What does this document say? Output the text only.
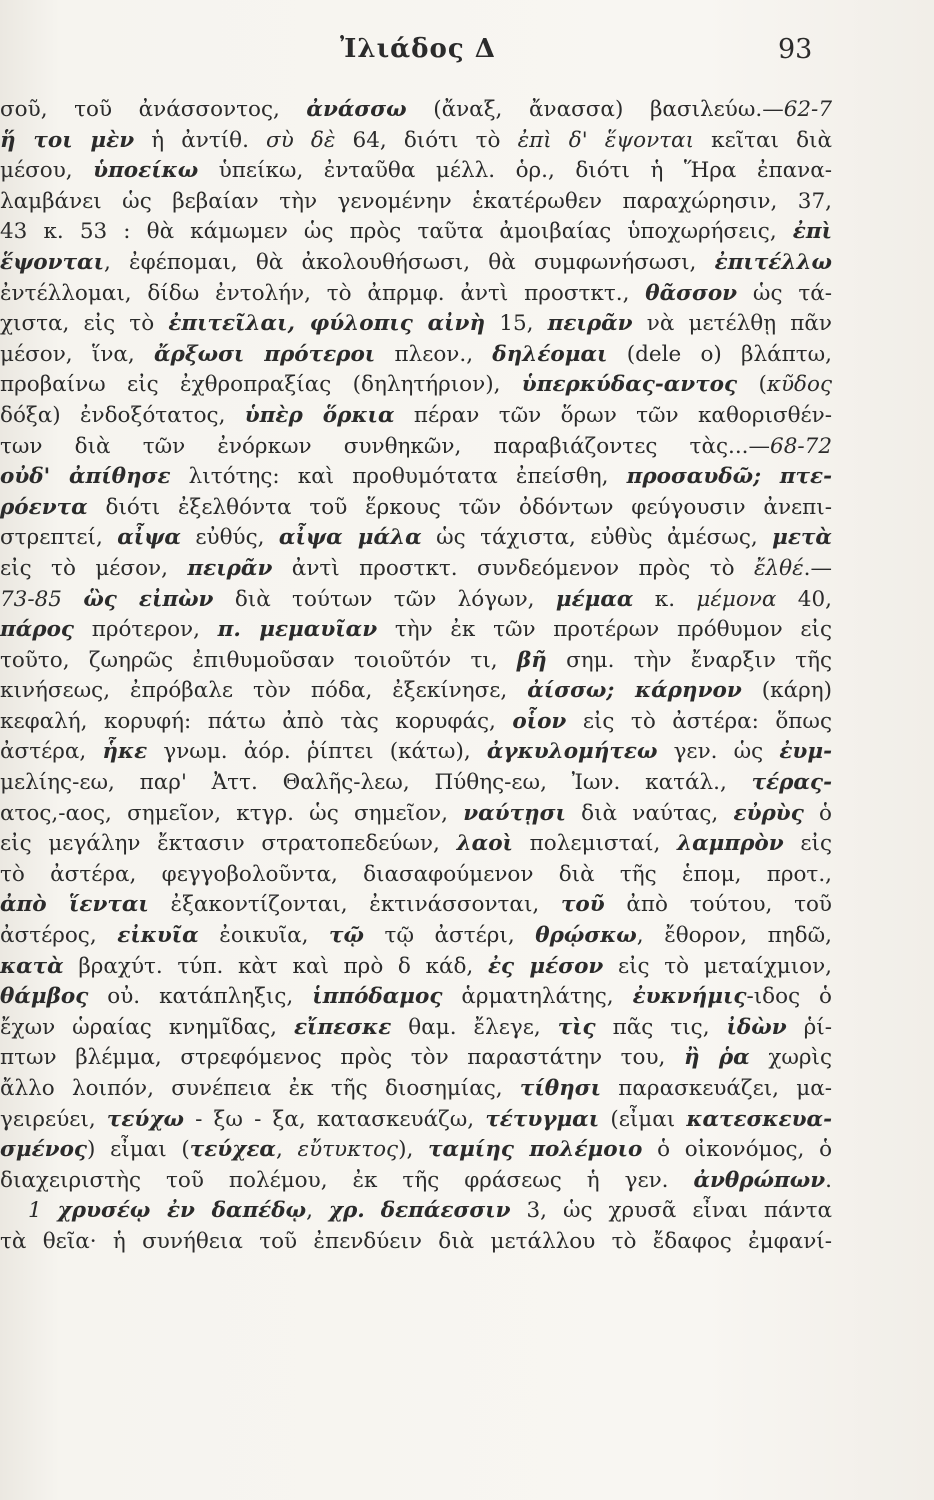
Ἰλιάδος Δ	93
σοῦ, τοῦ ἀνάσσοντος, ἀνάσσω (ἄναξ, ἄνασσα) βασιλεύω.—62-7
ἥ τοι μὲν ἡ ἀντίθ. σὺ δὲ 64, διότι τὸ ἐπὶ δ' ἕψονται κεῖται διὰ
μέσου, ὑποείκω ὑπείκω, ἐνταῦθα μέλλ. ὁρ., διότι ἡ Ἥρα ἐπανα-
λαμβάνει ὡς βεβαίαν τὴν γενομένην ἑκατέρωθεν παραχώρησιν, 37,
43 κ. 53 : θὰ κάμωμεν ὡς πρὸς ταῦτα ἀμοιβαίας ὑποχωρήσεις, ἐπὶ
ἕψονται, ἐφέπομαι, θὰ ἀκολουθήσωσι, θὰ συμφωνήσωσι, ἐπιτέλλω
ἐντέλλομαι, δίδω ἐντολήν, τὸ ἀπρμφ. ἀντὶ προστκτ., θᾶσσον ὡς τά-
χιστα, εἰς τὸ ἐπιτεῖλαι, φύλοπις αἰνὴ 15, πειρᾶν νὰ μετέλθῃ πᾶν
μέσον, ἵνα, ἄρξωσι πρότεροι πλεον., δηλέομαι (dele o) βλάπτω,
προβαίνω εἰς ἐχθροπραξίας (δηλητήριον), ὑπερκύδας-αντος (κῦδος
δόξα) ἐνδοξότατος, ὑπὲρ ὅρκια πέραν τῶν ὅρων τῶν καθορισθέν-
των διὰ τῶν ἐνόρκων συνθηκῶν, παραβιάζοντες τὰς...—68-72
οὐδ' ἀπίθησε λιτότης: καὶ προθυμότατα ἐπείσθη, προσαυδῶ; πτε-
ρόεντα διότι ἐξελθόντα τοῦ ἕρκους τῶν ὀδόντων φεύγουσιν ἀνεπι-
στρεπτεί, αἶψα εὐθύς, αἶψα μάλα ὡς τάχιστα, εὐθὺς ἀμέσως, μετὰ
εἰς τὸ μέσον, πειρᾶν ἀντὶ προστκτ. συνδεόμενον πρὸς τὸ ἔλθέ.—
73-85 ὣς εἰπὼν διὰ τούτων τῶν λόγων, μέμαα κ. μέμονα 40,
πάρος πρότερον, π. μεμαυῖαν τὴν ἐκ τῶν προτέρων πρόθυμον εἰς
τοῦτο, ζωηρῶς ἐπιθυμοῦσαν τοιοῦτόν τι, βῆ σημ. τὴν ἔναρξιν τῆς
κινήσεως, ἐπρόβαλε τὸν πόδα, ἐξεκίνησε, ἀίσσω; κάρηνον (κάρη)
κεφαλή, κορυφή: πάτω ἀπὸ τὰς κορυφάς, οἷον εἰς τὸ ἀστέρα: ὅπως
ἀστέρα, ἧκε γνωμ. ἀόρ. ῥίπτει (κάτω), ἀγκυλομήτεω γεν. ὡς ἐυμ-
μελίης-εω, παρ' Ἀττ. Θαλῆς-λεω, Πύθης-εω, Ἰων. κατάλ., τέρας-
ατος,-αος, σημεῖον, κτγρ. ὡς σημεῖον, ναύτῃσι διὰ ναύτας, εὐρὺς ὁ
εἰς μεγάλην ἔκτασιν στρατοπεδεύων, λαοὶ πολεμισταί, λαμπρὸν εἰς
τὸ ἀστέρα, φεγγοβολοῦντα, διασαφούμενον διὰ τῆς ἑπομ, προτ.,
ἀπὸ ἵενται ἐξακοντίζονται, ἐκτινάσσονται, τοῦ ἀπὸ τούτου, τοῦ
ἀστέρος, εἰκυῖα ἐοικυῖα, τῷ τῷ ἀστέρι, θρῴσκω, ἔθορον, πηδῶ,
κατὰ βραχύτ. τύπ. κὰτ καὶ πρὸ δ κάδ, ἐς μέσον εἰς τὸ μεταίχμιον,
θάμβος οὐ. κατάπληξις, ἱππόδαμος ἁρματηλάτης, ἐυκνήμις-ιδος ὁ
ἔχων ὡραίας κνημῖδας, εἴπεσκε θαμ. ἔλεγε, τὶς πᾶς τις, ἰδὼν ῥί-
πτων βλέμμα, στρεφόμενος πρὸς τὸν παραστάτην του, ἢ ῥα χωρὶς
ἄλλο λοιπόν, συνέπεια ἐκ τῆς διοσημίας, τίθησι παρασκευάζει, μα-
γειρεύει, τεύχω - ξω - ξα, κατασκευάζω, τέτυγμαι (εἶμαι κατεσκευα-
σμένος) εἶμαι (τεύχεα, εὔτυκτος), ταμίης πολέμοιο ὁ οἰκονόμος, ὁ
διαχειριστὴς τοῦ πολέμου, ἐκ τῆς φράσεως ἡ γεν. ἀνθρώπων.
1 χρυσέῳ ἐν δαπέδῳ, χρ. δεπάεσσιν 3, ὡς χρυσᾶ εἶναι πάντα
τὰ θεῖα· ἡ συνήθεια τοῦ ἐπενδύειν διὰ μετάλλου τὸ ἔδαφος ἐμφανί-
